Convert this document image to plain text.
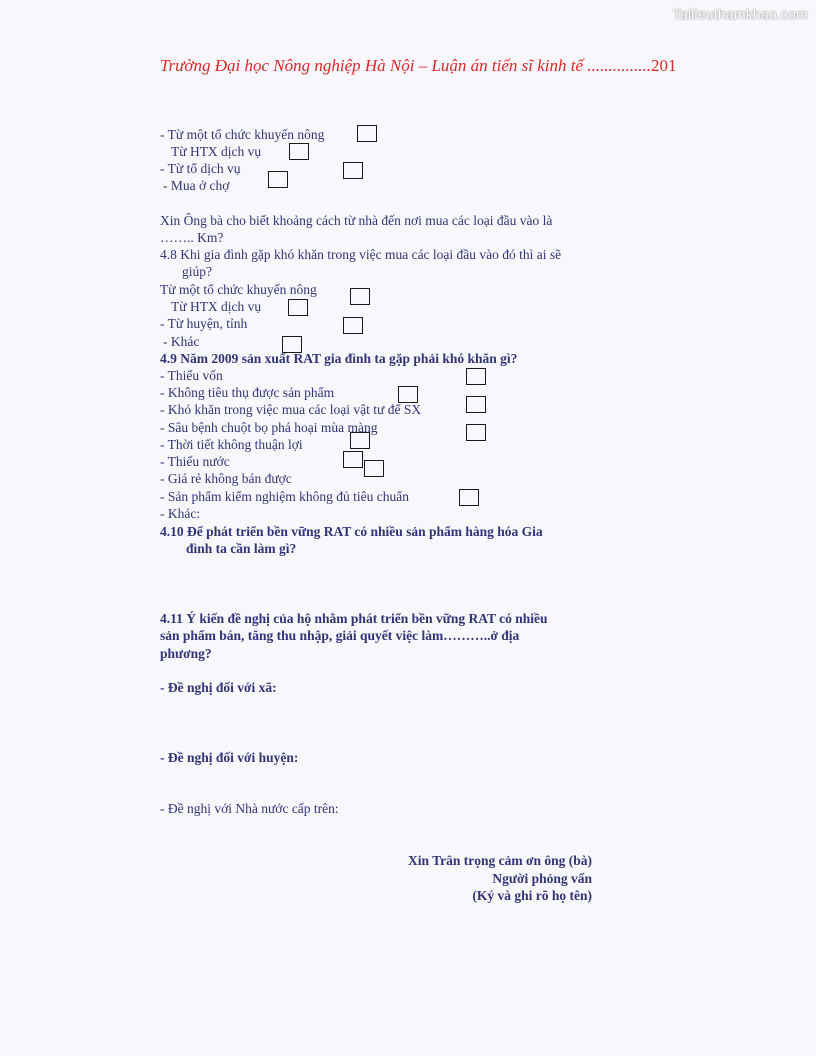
Tailieuthamkhao.com
Trường Đại học Nông nghiệp Hà Nội – Luận án tiến sĩ kinh tế ...............201
- Từ một tổ chức khuyến nông
Từ HTX dịch vụ
- Từ tổ dịch vụ
- Mua ở chợ
Xin Ông bà cho biết khoảng cách từ nhà đến nơi mua các loại đầu vào là
…….. Km?
4.8 Khi gia đình gặp khó khăn trong việc mua các loại đầu vào đó thì ai sẽ
giúp?
Từ một tổ chức khuyến nông
Từ HTX dịch vụ
- Từ huyện, tỉnh
- Khác
4.9 Năm 2009 sản xuất RAT gia đình ta gặp phải khó khăn gì?
- Thiếu vốn
- Không tiêu thụ được sản phẩm
- Khó khăn trong việc mua các loại vật tư để SX
- Sâu bệnh chuột bọ phá hoại mùa màng
- Thời tiết không thuận lợi
- Thiếu nước
- Giá rẻ không bán được
- Sản phẩm kiểm nghiệm không đủ tiêu chuẩn
- Khác:
4.10 Để phát triển bền vững RAT có nhiều sản phẩm hàng hóa Gia
đình ta cần làm gì?
4.11 Ý kiến đề nghị của hộ nhằm phát triển bền vững RAT có nhiều
sản phẩm bán, tăng thu nhập, giải quyết việc làm………..ở địa
phương?
- Đề nghị đối với xã:
- Đề nghị đối với huyện:
- Đề nghị với Nhà nước cấp trên:
Xin Trân trọng cảm ơn ông (bà)
Người phỏng vấn
(Ký và ghi rõ họ tên)
